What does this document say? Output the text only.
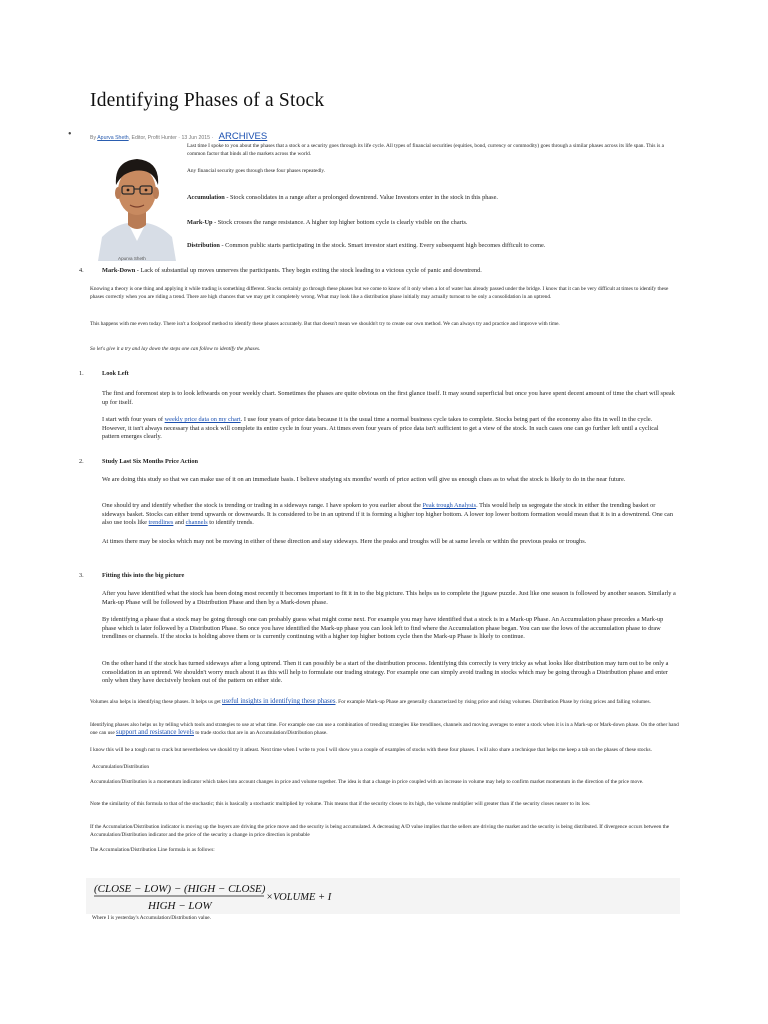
Identifying Phases of a Stock
•	By Apurva Sheth, Editor, Profit Hunter · 13 Jun 2015 · ARCHIVES
Apurva Sheth

Last time I spoke to you about the phases that a stock or a security goes through its life cycle. All types of financial securities (equities, bond, currency or commodity) goes through a similar phases across its life span. This is a common factor that binds all the markets across the world.

Any financial security goes through these four phases repeatedly.

Accumulation - Stock consolidates in a range after a prolonged downtrend. Value Investors enter in the stock in this phase.

Mark-Up - Stock crosses the range resistance. A higher top higher bottom cycle is clearly visible on the charts.

Distribution - Common public starts participating in the stock. Smart investor start exiting. Every subsequent high becomes difficult to come.

4.	Mark-Down - Lack of substantial up moves unnerves the participants. They begin exiting the stock leading to a vicious cycle of panic and downtrend.

Knowing a theory is one thing and applying it while trading is something different. Stocks certainly go through these phases but we come to know of it only when a lot of water has already passed under the bridge. I know that it can be very difficult at times to identify these phases correctly when you are riding a trend. There are high chances that we may get it completely wrong. What may look like a distribution phase initially may actually turnout to be only a consolidation in an uptrend.

This happens with me even today. There isn't a foolproof method to identify these phases accurately. But that doesn't mean we shouldn't try to create our own method. We can always try and practice and improve with time.

So let's give it a try and lay down the steps one can follow to identify the phases.

1.	Look Left

The first and foremost step is to look leftwards on your weekly chart. Sometimes the phases are quite obvious on the first glance itself. It may sound superficial but once you have spent decent amount of time the chart will speak up for itself.

I start with four years of weekly price data on my chart. I use four years of price data because it is the usual time a normal business cycle takes to complete. Stocks being part of the economy also fits in well in the cycle. However, it isn't always necessary that a stock will complete its entire cycle in four years. At times even four years of price data isn't sufficient to get a view of the stock. In such cases one can go further left until a cyclical pattern emerges clearly.

2.	Study Last Six Months Price Action

We are doing this study so that we can make use of it on an immediate basis. I believe studying six months' worth of price action will give us enough clues as to what the stock is likely to do in the near future.

One should try and identify whether the stock is trending or trading in a sideways range. I have spoken to you earlier about the Peak trough Analysis. This would help us segregate the stock in either the trending basket or sideways basket. Stocks can either trend upwards or downwards. It is considered to be in an uptrend if it is forming a higher top higher bottom. A lower top lower bottom formation would mean that it is in a downtrend. One can also use tools like trendlines and channels to identify trends.

At times there may be stocks which may not be moving in either of these direction and stay sideways. Here the peaks and troughs will be at same levels or within the previous peaks or troughs.

3.	Fitting this into the big picture

After you have identified what the stock has been doing most recently it becomes important to fit it in to the big picture. This helps us to complete the jigsaw puzzle. Just like one season is followed by another season. Similarly a Mark-up Phase will be followed by a Distribution Phase and then by a Mark-down phase.

By identifying a phase that a stock may be going through one can probably guess what might come next. For example you may have identified that a stock is in a Mark-up Phase. An Accumulation phase precedes a Mark-up phase which is later followed by a Distribution Phase. So once you have identified the Mark-up phase you can look left to find where the Accumulation phase began. You can use the lows of the accumulation phase to draw trendlines or channels. If the stocks is holding above them or is currently continuing with a higher top higher bottom cycle then the Mark-up Phase is likely to continue.

On the other hand if the stock has turned sideways after a long uptrend. Then it can possibly be a start of the distribution process. Identifying this correctly is very tricky as what looks like distribution may turn out to be only a consolidation in an uptrend. We shouldn't worry much about it as this will help to formulate our trading strategy. For example one can simply avoid trading in stocks which may be going through a Distribution phase and enter only when they have decisively broken out of the pattern on either side.

Volumes also helps in identifying these phases. It helps us get useful insights in identifying these phases. For example Mark-up Phase are generally characterized by rising price and rising volumes. Distribution Phase by rising prices and falling volumes.

Identifying phases also helps us by telling which tools and strategies to use at what time. For example one can use a combination of trending strategies like trendlines, channels and moving averages to enter a stock when it is in a Mark-up or Mark-down phase. On the other hand one can use support and resistance levels to trade stocks that are in an Accumulation/Distribution phase.

I know this will be a tough nut to crack but nevertheless we should try it atleast. Next time when I write to you I will show you a couple of examples of stocks with these four phases. I will also share a technique that helps me keep a tab on the phases of these stocks.

Accumulation/Distribution

Accumulation/Distribution is a momentum indicator which takes into account changes in price and volume together. The idea is that a change in price coupled with an increase in volume may help to confirm market momentum in the direction of the price move.

Note the similarity of this formula to that of the stochastic; this is basically a stochastic multiplied by volume. This means that if the security closes to its high, the volume multiplier will greater than if the security closes nearer to its low.

If the Accumulation/Distribution indicator is moving up the buyers are driving the price move and the security is being accumulated. A decreasing A/D value implies that the sellers are driving the market and the security is being distributed. If divergence occurs between the Accumulation/Distribution indicator and the price of the security a change in price direction is probable

The Accumulation/Distribution Line formula is as follows:

(CLOSE − LOW) − (HIGH − CLOSE)
HIGH − LOW
×VOLUME + I

Where I is yesterday's Accumulation/Distribution value.
